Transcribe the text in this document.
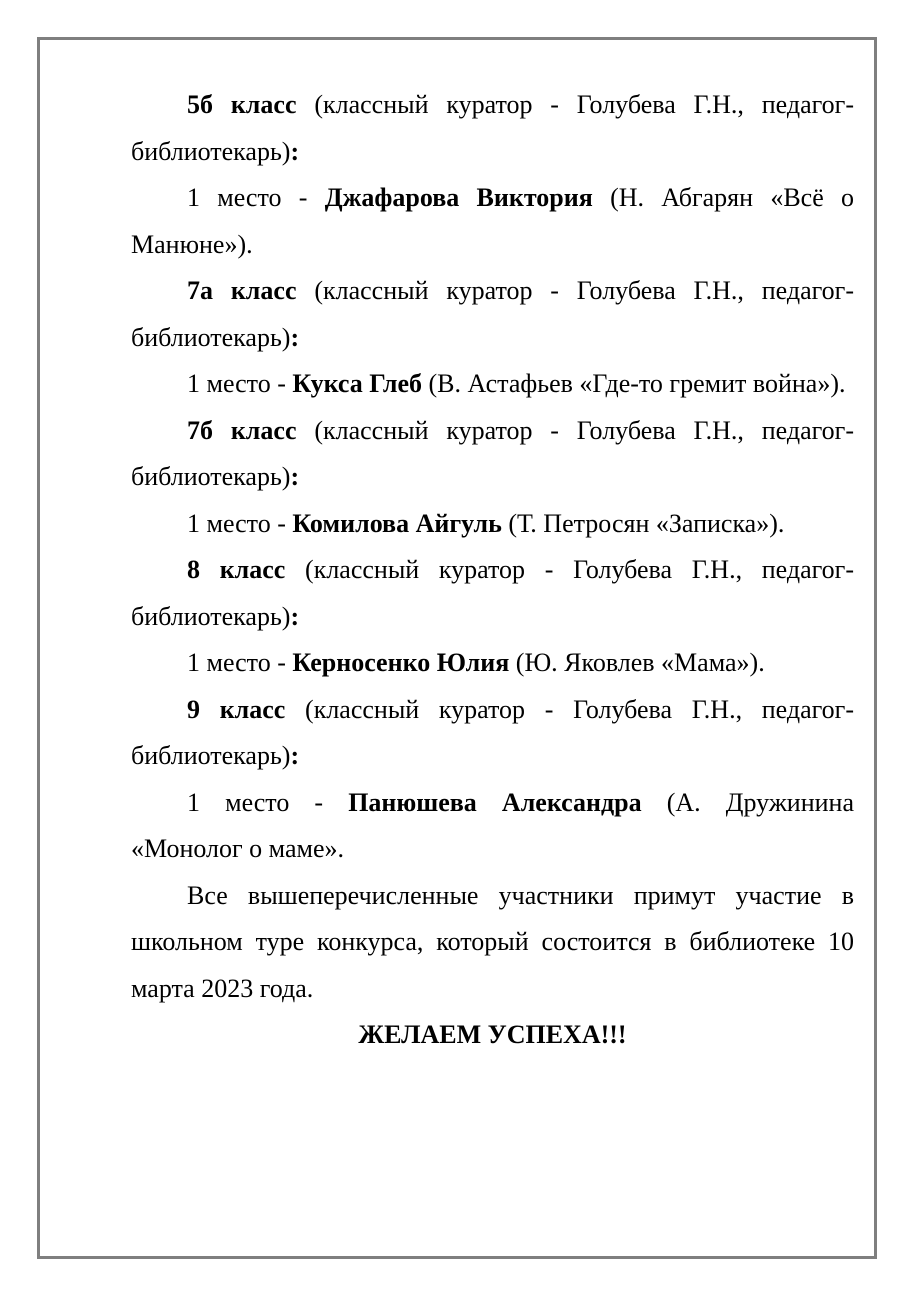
5б класс (классный куратор - Голубева Г.Н., педагог-библиотекарь):

1 место - Джафарова Виктория (Н. Абгарян «Всё о Манюне»).

7а класс (классный куратор - Голубева Г.Н., педагог-библиотекарь):

1 место - Кукса Глеб (В. Астафьев «Где-то гремит война»).

7б класс (классный куратор - Голубева Г.Н., педагог-библиотекарь):

1 место - Комилова Айгуль (Т. Петросян «Записка»).

8 класс (классный куратор - Голубева Г.Н., педагог-библиотекарь):

1 место - Керносенко Юлия (Ю. Яковлев «Мама»).

9 класс (классный куратор - Голубева Г.Н., педагог-библиотекарь):

1 место - Панюшева Александра (А. Дружинина «Монолог о маме».

Все вышеперечисленные участники примут участие в школьном туре конкурса, который состоится в библиотеке 10 марта 2023 года.

ЖЕЛАЕМ УСПЕХА!!!
